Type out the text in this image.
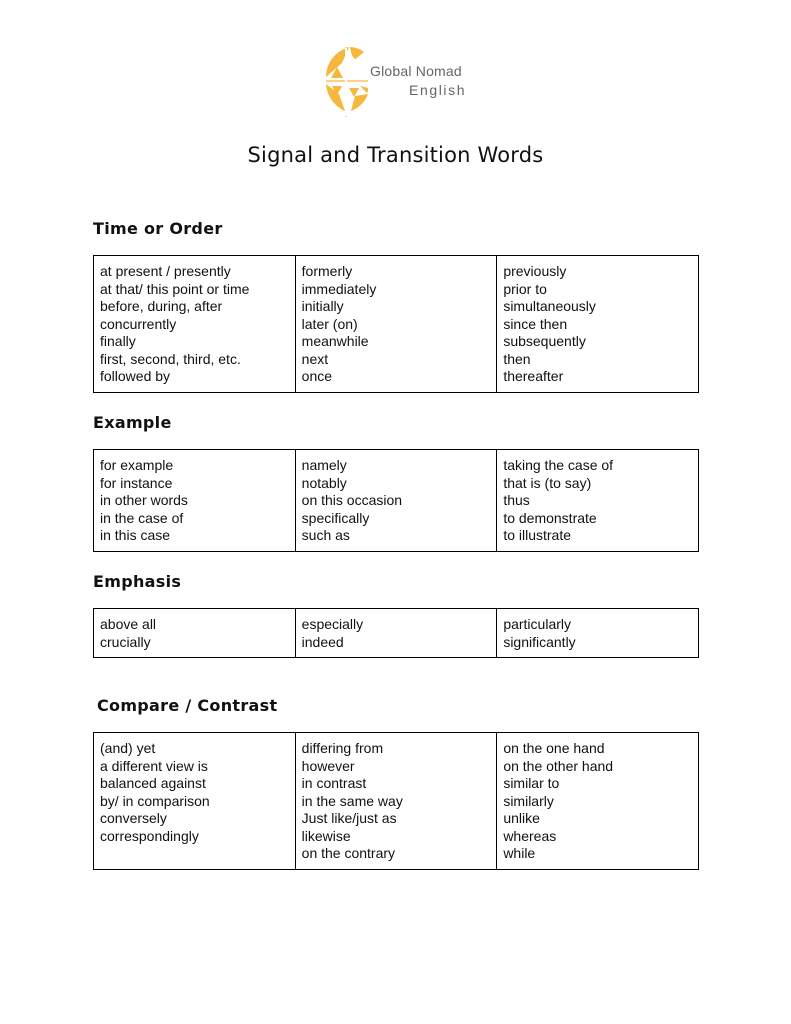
Global Nomad
English
Signal and Transition Words
Time or Order
at present / presently
at that/ this point or time
before, during, after
concurrently
finally
first, second, third, etc.
followed by

formerly
immediately
initially
later (on)
meanwhile
next
once

previously
prior to
simultaneously
since then
subsequently
then
thereafter
Example
for example
for instance
in other words
in the case of
in this case

namely
notably
on this occasion
specifically
such as

taking the case of
that is (to say)
thus
to demonstrate
to illustrate
Emphasis
above all
crucially

especially
indeed

particularly
significantly
Compare / Contrast
(and) yet
a different view is
balanced against
by/ in comparison
conversely
correspondingly

differing from
however
in contrast
in the same way
Just like/just as
likewise
on the contrary

on the one hand
on the other hand
similar to
similarly
unlike
whereas
while
